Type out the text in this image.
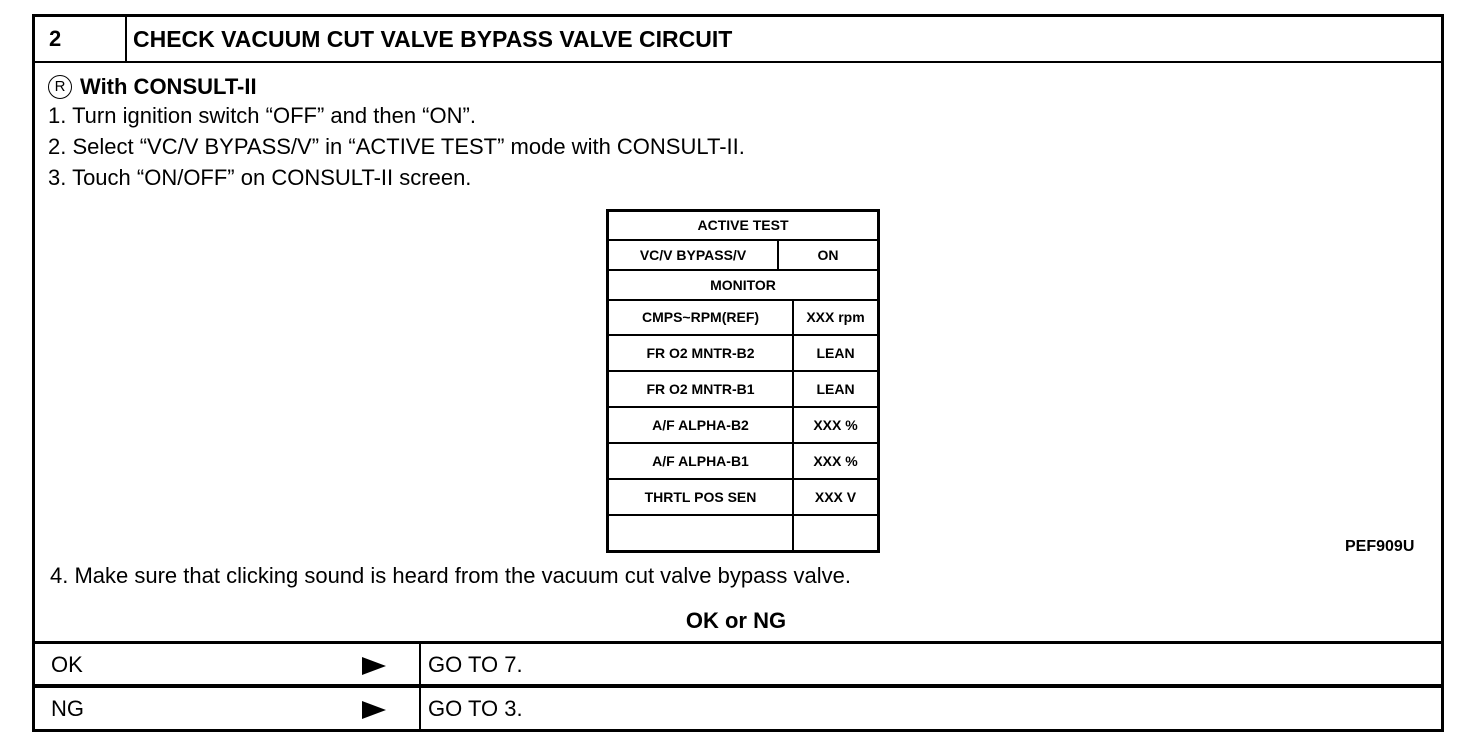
2	CHECK VACUUM CUT VALVE BYPASS VALVE CIRCUIT
R With CONSULT-II
1. Turn ignition switch “OFF” and then “ON”.
2. Select “VC/V BYPASS/V” in “ACTIVE TEST” mode with CONSULT-II.
3. Touch “ON/OFF” on CONSULT-II screen.
ACTIVE TEST
VC/V BYPASS/V	ON
MONITOR
CMPS~RPM(REF)	XXX rpm
FR O2 MNTR-B2	LEAN
FR O2 MNTR-B1	LEAN
A/F ALPHA-B2	XXX %
A/F ALPHA-B1	XXX %
THRTL POS SEN	XXX V
PEF909U
4. Make sure that clicking sound is heard from the vacuum cut valve bypass valve.
OK or NG
OK	GO TO 7.
NG	GO TO 3.
